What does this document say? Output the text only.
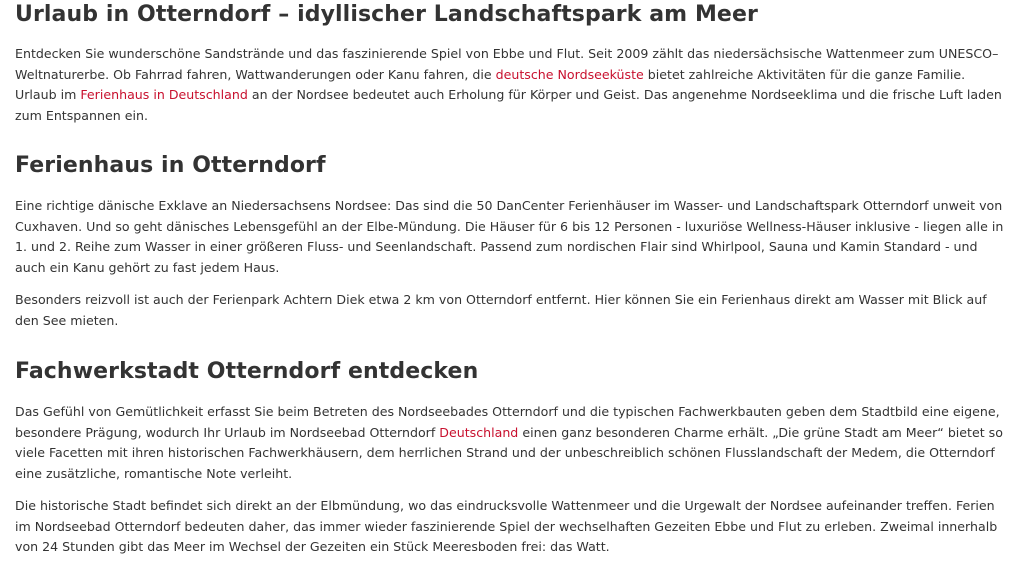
Urlaub in Otterndorf – idyllischer Landschaftspark am Meer

Entdecken Sie wunderschöne Sandstrände und das faszinierende Spiel von Ebbe und Flut. Seit 2009 zählt das niedersächsische Wattenmeer zum UNESCO–Weltnaturerbe. Ob Fahrrad fahren, Wattwanderungen oder Kanu fahren, die deutsche Nordseeküste bietet zahlreiche Aktivitäten für die ganze Familie. Urlaub im Ferienhaus in Deutschland an der Nordsee bedeutet auch Erholung für Körper und Geist. Das angenehme Nordseeklima und die frische Luft laden zum Entspannen ein.

Ferienhaus in Otterndorf

Eine richtige dänische Exklave an Niedersachsens Nordsee: Das sind die 50 DanCenter Ferienhäuser im Wasser- und Landschaftspark Otterndorf unweit von Cuxhaven. Und so geht dänisches Lebensgefühl an der Elbe-Mündung. Die Häuser für 6 bis 12 Personen - luxuriöse Wellness-Häuser inklusive - liegen alle in 1. und 2. Reihe zum Wasser in einer größeren Fluss- und Seenlandschaft. Passend zum nordischen Flair sind Whirlpool, Sauna und Kamin Standard - und auch ein Kanu gehört zu fast jedem Haus.

Besonders reizvoll ist auch der Ferienpark Achtern Diek etwa 2 km von Otterndorf entfernt. Hier können Sie ein Ferienhaus direkt am Wasser mit Blick auf den See mieten.

Fachwerkstadt Otterndorf entdecken

Das Gefühl von Gemütlichkeit erfasst Sie beim Betreten des Nordseebades Otterndorf und die typischen Fachwerkbauten geben dem Stadtbild eine eigene, besondere Prägung, wodurch Ihr Urlaub im Nordseebad Otterndorf Deutschland einen ganz besonderen Charme erhält. „Die grüne Stadt am Meer“ bietet so viele Facetten mit ihren historischen Fachwerkhäusern, dem herrlichen Strand und der unbeschreiblich schönen Flusslandschaft der Medem, die Otterndorf eine zusätzliche, romantische Note verleiht.

Die historische Stadt befindet sich direkt an der Elbmündung, wo das eindrucksvolle Wattenmeer und die Urgewalt der Nordsee aufeinander treffen. Ferien im Nordseebad Otterndorf bedeuten daher, das immer wieder faszinierende Spiel der wechselhaften Gezeiten Ebbe und Flut zu erleben. Zweimal innerhalb von 24 Stunden gibt das Meer im Wechsel der Gezeiten ein Stück Meeresboden frei: das Watt.
